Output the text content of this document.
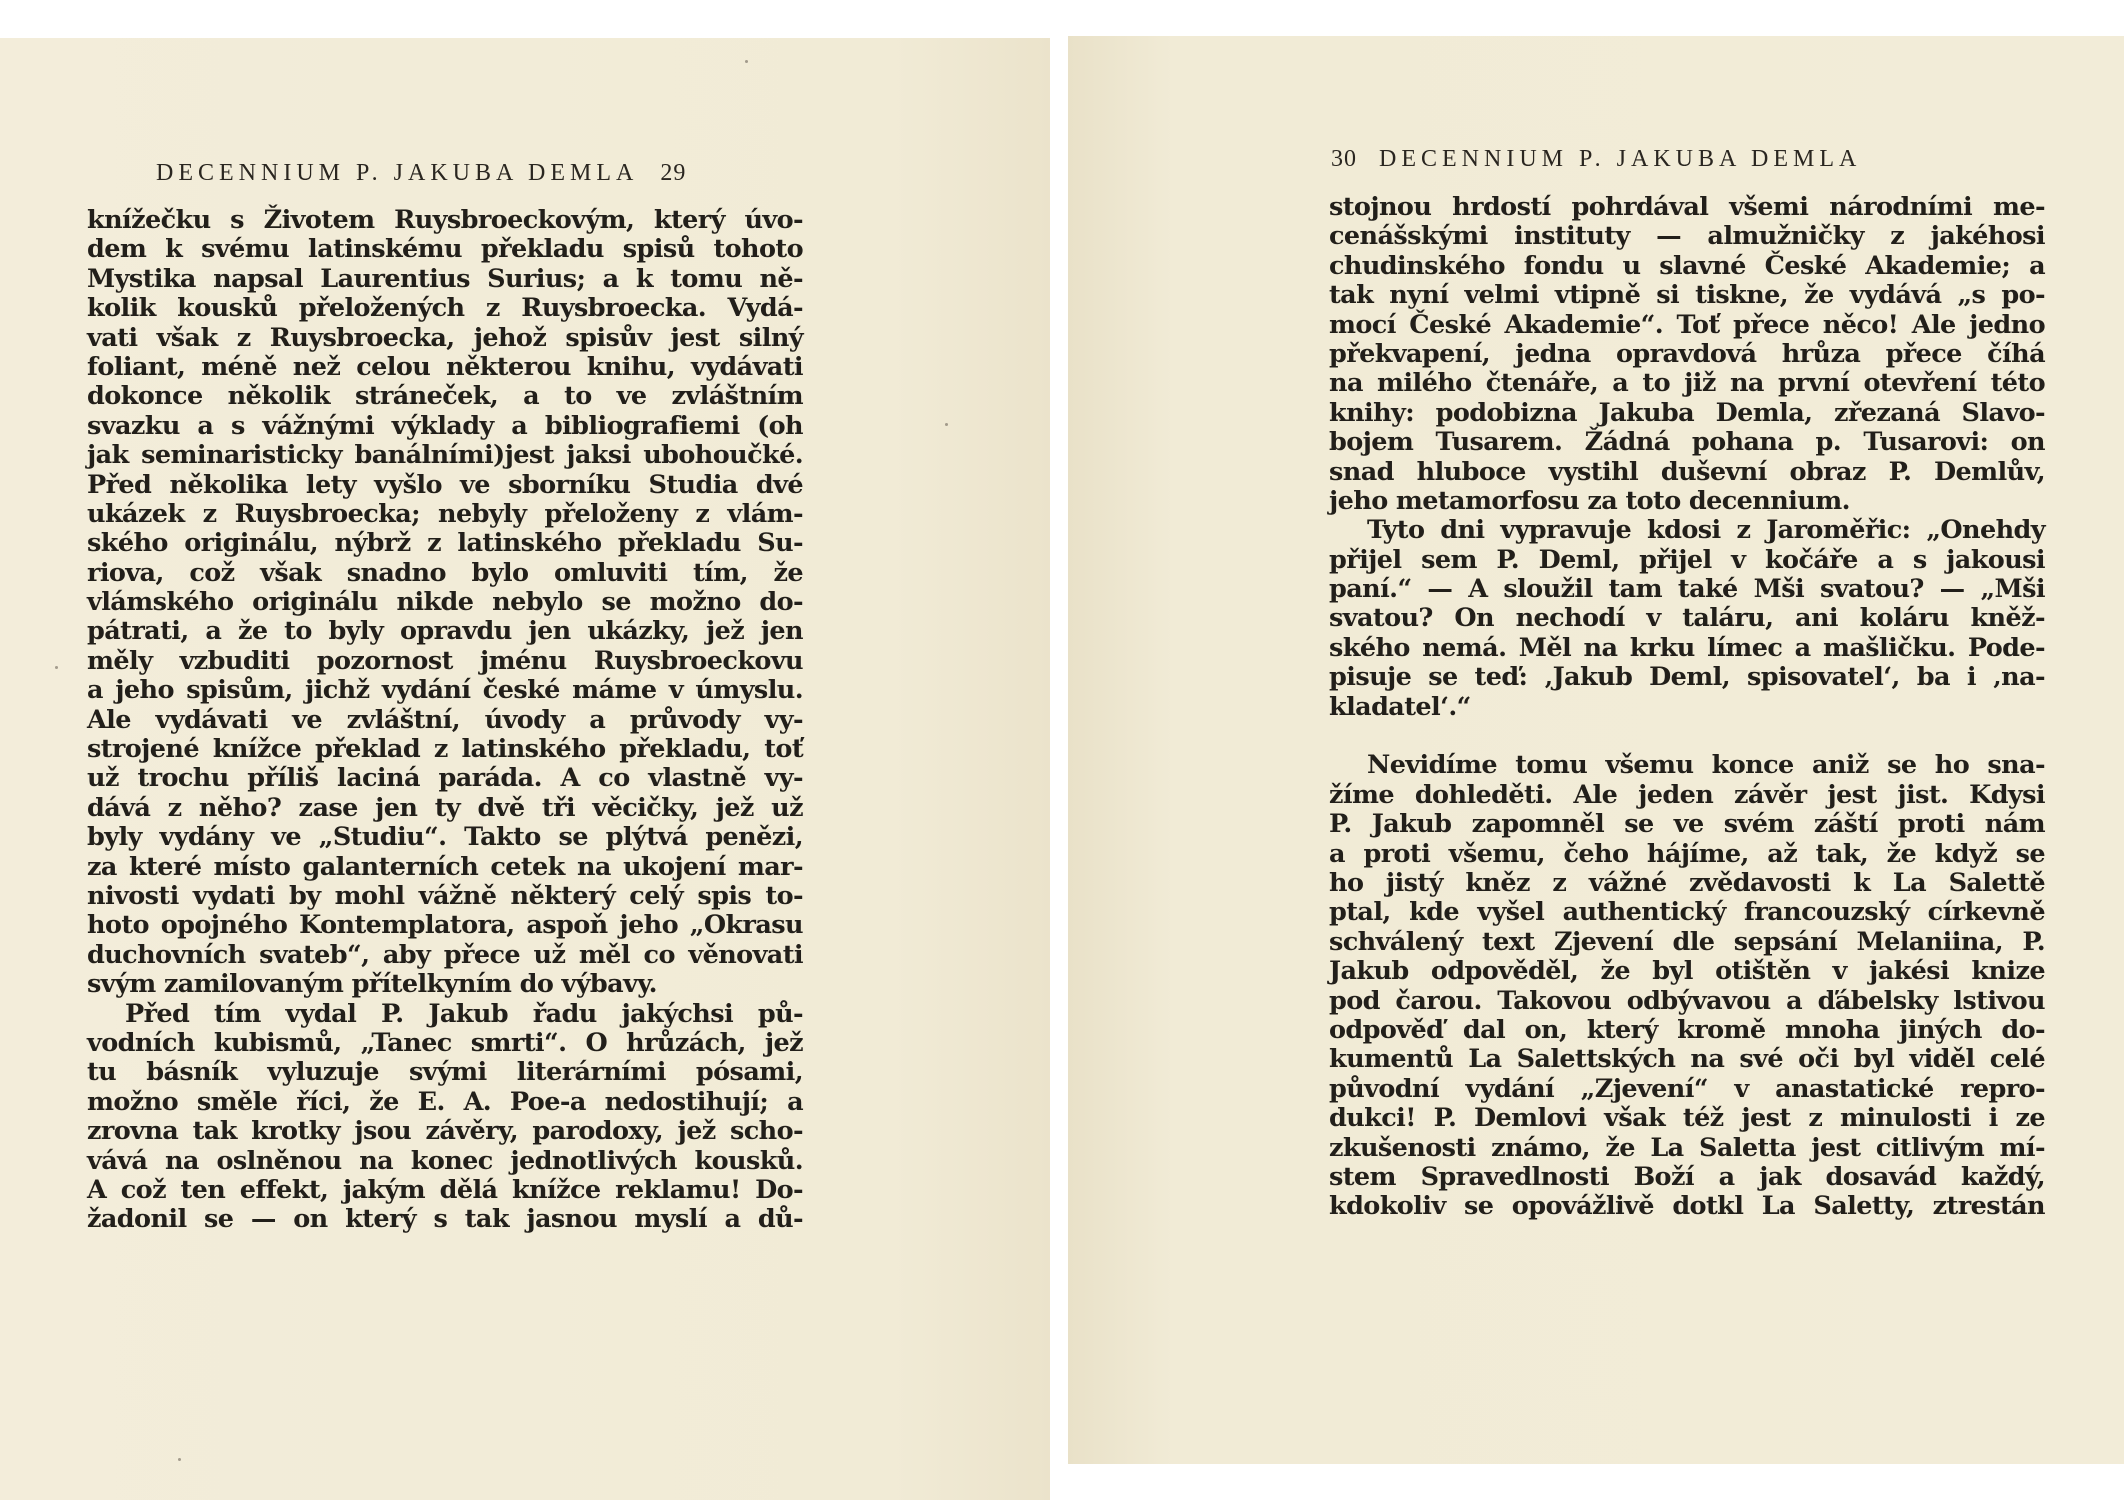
DECENNIUM P. JAKUBA DEMLA 29
knížečku s Životem Ruysbroeckovým, který úvo-
dem k svému latinskému překladu spisů tohoto
Mystika napsal Laurentius Surius; a k tomu ně-
kolik kousků přeložených z Ruysbroecka. Vydá-
vati však z Ruysbroecka, jehož spisův jest silný
foliant, méně než celou některou knihu, vydávati
dokonce několik stráneček, a to ve zvláštním
svazku a s vážnými výklady a bibliografiemi (oh
jak seminaristicky banálními)jest jaksi ubohoučké.
Před několika lety vyšlo ve sborníku Studia dvé
ukázek z Ruysbroecka; nebyly přeloženy z vlám-
ského originálu, nýbrž z latinského překladu Su-
riova, což však snadno bylo omluviti tím, že
vlámského originálu nikde nebylo se možno do-
pátrati, a že to byly opravdu jen ukázky, jež jen
měly vzbuditi pozornost jménu Ruysbroeckovu
a jeho spisům, jichž vydání české máme v úmyslu.
Ale vydávati ve zvláštní, úvody a průvody vy-
strojené knížce překlad z latinského překladu, toť
už trochu příliš laciná paráda. A co vlastně vy-
dává z něho? zase jen ty dvě tři věcičky, jež už
byly vydány ve „Studiu“. Takto se plýtvá penězi,
za které místo galanterních cetek na ukojení mar-
nivosti vydati by mohl vážně některý celý spis to-
hoto opojného Kontemplatora, aspoň jeho „Okrasu
duchovních svateb“, aby přece už měl co věnovati
svým zamilovaným přítelkyním do výbavy.
Před tím vydal P. Jakub řadu jakýchsi pů-
vodních kubismů, „Tanec smrti“. O hrůzách, jež
tu básník vyluzuje svými literárními pósami,
možno směle říci, že E. A. Poe-a nedostihují; a
zrovna tak krotky jsou závěry, parodoxy, jež scho-
vává na oslněnou na konec jednotlivých kousků.
A což ten effekt, jakým dělá knížce reklamu! Do-
žadonil se — on který s tak jasnou myslí a dů-
30 DECENNIUM P. JAKUBA DEMLA
stojnou hrdostí pohrdával všemi národními me-
cenášskými instituty — almužničky z jakéhosi
chudinského fondu u slavné České Akademie; a
tak nyní velmi vtipně si tiskne, že vydává „s po-
mocí České Akademie“. Toť přece něco! Ale jedno
překvapení, jedna opravdová hrůza přece číhá
na milého čtenáře, a to již na první otevření této
knihy: podobizna Jakuba Demla, zřezaná Slavo-
bojem Tusarem. Žádná pohana p. Tusarovi: on
snad hluboce vystihl duševní obraz P. Demlův,
jeho metamorfosu za toto decennium.
Tyto dni vypravuje kdosi z Jaroměřic: „Onehdy
přijel sem P. Deml, přijel v kočáře a s jakousi
paní.“ — A sloužil tam také Mši svatou? — „Mši
svatou? On nechodí v taláru, ani koláru kněž-
ského nemá. Měl na krku límec a mašličku. Pode-
pisuje se teď: ‚Jakub Deml, spisovatel‘, ba i ‚na-
kladatel‘.“
Nevidíme tomu všemu konce aniž se ho sna-
žíme dohleděti. Ale jeden závěr jest jist. Kdysi
P. Jakub zapomněl se ve svém záští proti nám
a proti všemu, čeho hájíme, až tak, že když se
ho jistý kněz z vážné zvědavosti k La Salettě
ptal, kde vyšel authentický francouzský církevně
schválený text Zjevení dle sepsání Melaniina, P.
Jakub odpověděl, že byl otištěn v jakési knize
pod čarou. Takovou odbývavou a ďábelsky lstivou
odpověď dal on, který kromě mnoha jiných do-
kumentů La Salettských na své oči byl viděl celé
původní vydání „Zjevení“ v anastatické repro-
dukci! P. Demlovi však též jest z minulosti i ze
zkušenosti známo, že La Saletta jest citlivým mí-
stem Spravedlnosti Boží a jak dosavád každý,
kdokoliv se opovážlivě dotkl La Saletty, ztrestán
